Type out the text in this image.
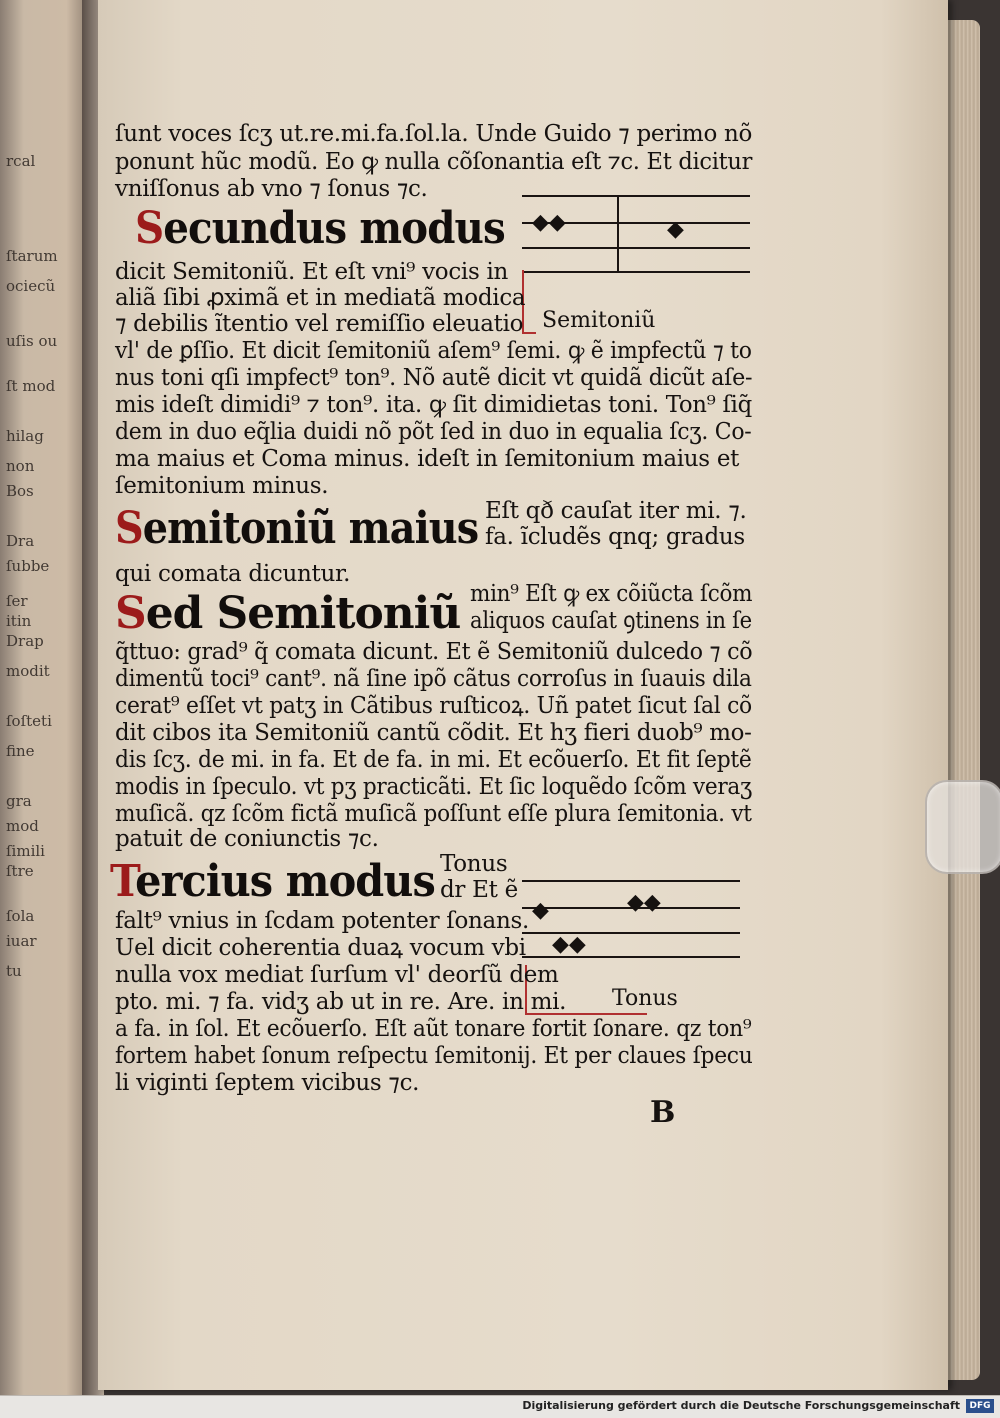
rcal
ſtarum
ociecũ
uſis ou
ſt mod
hilag
non
Bos
Dra
ſubbe
ſer
itin
Drap
modit
ſoſteti
fine
gra
mod
ſimili
ſtre
ſola
iuar
tu
ſunt voces ſcʒ ut.re.mi.fa.ſol.la. Unde Guido ⁊ perimo nõ
ponunt hũc modũ. Eo ꝙ nulla cõſonantia eſt ⁊c. Et dicitur
vniſſonus ab vno ⁊ ſonus ⁊c.
Secundus modus ◆◆	◆
Semitoniũ
dicit Semitoniũ. Et eſt vni⁹ vocis in
aliã ſibi ꝓximã et in mediatã modica
⁊ debilis ĩtentio vel remiſſio eleuatio
vl' de ꝑſſio. Et dicit ſemitoniũ aſem⁹ ſemi. ꝙ ẽ impfectũ ⁊ to
nus toni qſi impfect⁹ ton⁹. Nõ autẽ dicit vt quidã dicũt aſe-
mis ideſt dimidi⁹ ⁊ ton⁹. ita. ꝙ ſit dimidietas toni. Ton⁹ ſiq̃
dem in duo eq̃lia duidi nõ põt ſed in duo in equalia ſcʒ. Co-
ma maius et Coma minus. ideſt in ſemitonium maius et
ſemitonium minus.
Semitoniũ maius Eſt qð cauſat iter mi. ⁊.
fa. ĩcludẽs qnq; gradus
qui comata dicuntur.
Sed Semitoniũ min⁹ Eſt ꝙ ex cõiũcta ſcõm
aliquos cauſat ꝯtinens in ſe
q̃ttuo: grad⁹ q̃ comata dicunt. Et ẽ Semitoniũ dulcedo ⁊ cõ
dimentũ toci⁹ cant⁹. nã ſine ipõ cãtus corroſus in ſuauis dila
cerat⁹ eſſet vt patʒ in Cãtibus ruſticoꝝ. Uñ patet ſicut ſal cõ
dit cibos ita Semitoniũ cantũ cõdit. Et hʒ fieri duob⁹ mo-
dis ſcʒ. de mi. in fa. Et de fa. in mi. Et ecõuerſo. Et fit ſeptẽ
modis in ſpeculo. vt pʒ practicãti. Et ſic loquẽdo ſcõm veraʒ
muſicã. qz ſcõm fictã muſicã poſſunt eſſe plura ſemitonia. vt
patuit de coniunctis ⁊c.
Tercius modus Tonus
dr Et ẽ
◆	◆◆
◆◆
Tonus
falt⁹ vnius in ſcdam potenter ſonans.
Uel dicit coherentia duaꝝ vocum vbi
nulla vox mediat ſurſum vl' deorſũ dem
pto. mi. ⁊ fa. vidʒ ab ut in re. Are. in mi.
a fa. in ſol. Et ecõuerſo. Eſt aũt tonare fortit ſonare. qz ton⁹
fortem habet ſonum reſpectu ſemitonij. Et per claues ſpecu
li viginti ſeptem vicibus ⁊c.
B
Digitalisierung gefördert durch die Deutsche Forschungsgemeinschaft	DFG
